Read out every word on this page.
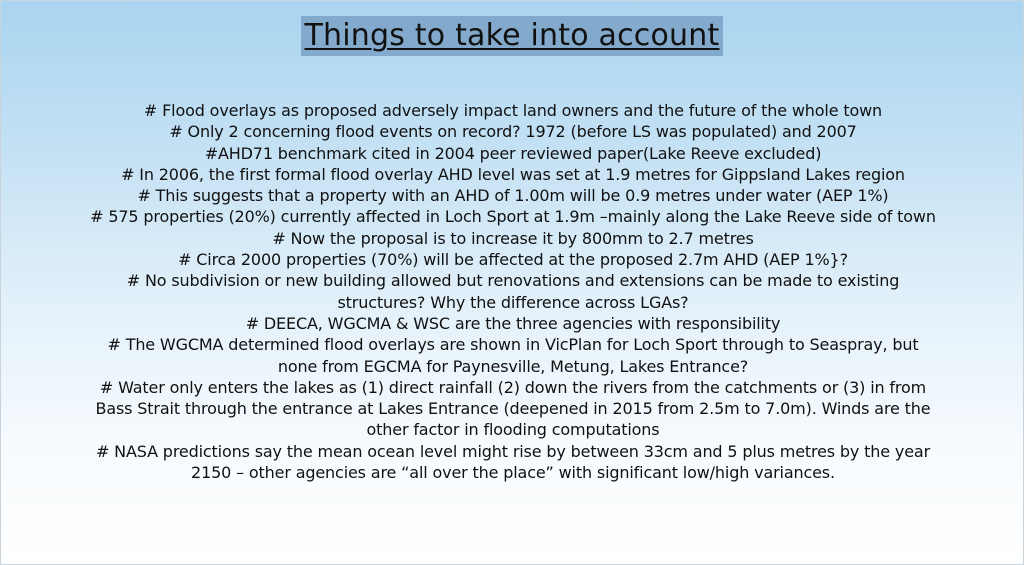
Things to take into account
# Flood overlays as proposed adversely impact land owners and the future of the whole town
# Only 2 concerning flood events on record? 1972 (before LS was populated) and 2007
#AHD71 benchmark cited in 2004 peer reviewed paper(Lake Reeve excluded)
# In 2006, the first formal flood overlay AHD level was set at 1.9 metres for Gippsland Lakes region
# This suggests that a property with an AHD of 1.00m will be 0.9 metres under water (AEP 1%)
# 575 properties (20%) currently affected in Loch Sport at 1.9m –mainly along the Lake Reeve side of town
# Now the proposal is to increase it by 800mm to 2.7 metres
# Circa 2000 properties (70%) will be affected at the proposed 2.7m AHD (AEP 1%}?
# No subdivision or new building allowed but renovations and extensions can be made to existing
structures? Why the difference across LGAs?
# DEECA, WGCMA & WSC are the three agencies with responsibility
# The WGCMA determined flood overlays are shown in VicPlan for Loch Sport through to Seaspray, but
none from EGCMA for Paynesville, Metung, Lakes Entrance?
# Water only enters the lakes as (1) direct rainfall (2) down the rivers from the catchments or (3) in from
Bass Strait through the entrance at Lakes Entrance (deepened in 2015 from 2.5m to 7.0m). Winds are the
other factor in flooding computations
# NASA predictions say the mean ocean level might rise by between 33cm and 5 plus metres by the year
2150 – other agencies are “all over the place” with significant low/high variances.
